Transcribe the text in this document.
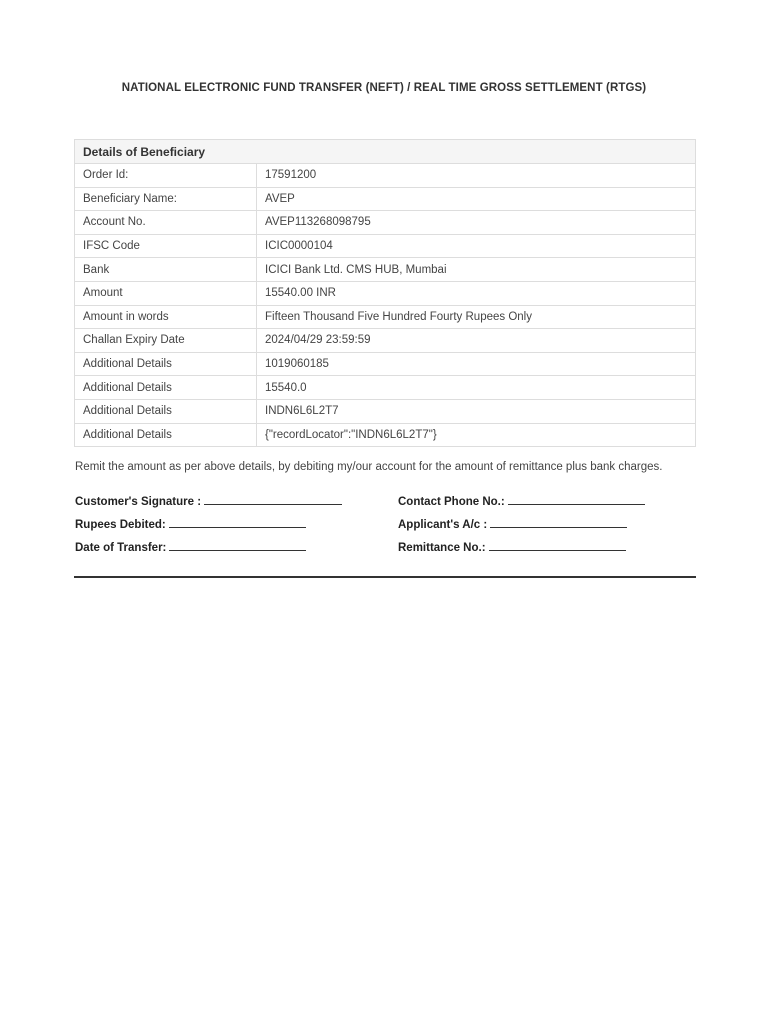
NATIONAL ELECTRONIC FUND TRANSFER (NEFT) / REAL TIME GROSS SETTLEMENT (RTGS)
Details of Beneficiary	
Order Id:	17591200
Beneficiary Name:	AVEP
Account No.	AVEP113268098795
IFSC Code	ICIC0000104
Bank	ICICI Bank Ltd. CMS HUB, Mumbai
Amount	15540.00 INR
Amount in words	Fifteen Thousand Five Hundred Fourty Rupees Only
Challan Expiry Date	2024/04/29 23:59:59
Additional Details	1019060185
Additional Details	15540.0
Additional Details	INDN6L6L2T7
Additional Details	{"recordLocator":"INDN6L6L2T7"}
Remit the amount as per above details, by debiting my/our account for the amount of remittance plus bank charges.
Customer's Signature :	Contact Phone No.:
Rupees Debited:	Applicant's A/c :
Date of Transfer:	Remittance No.:
